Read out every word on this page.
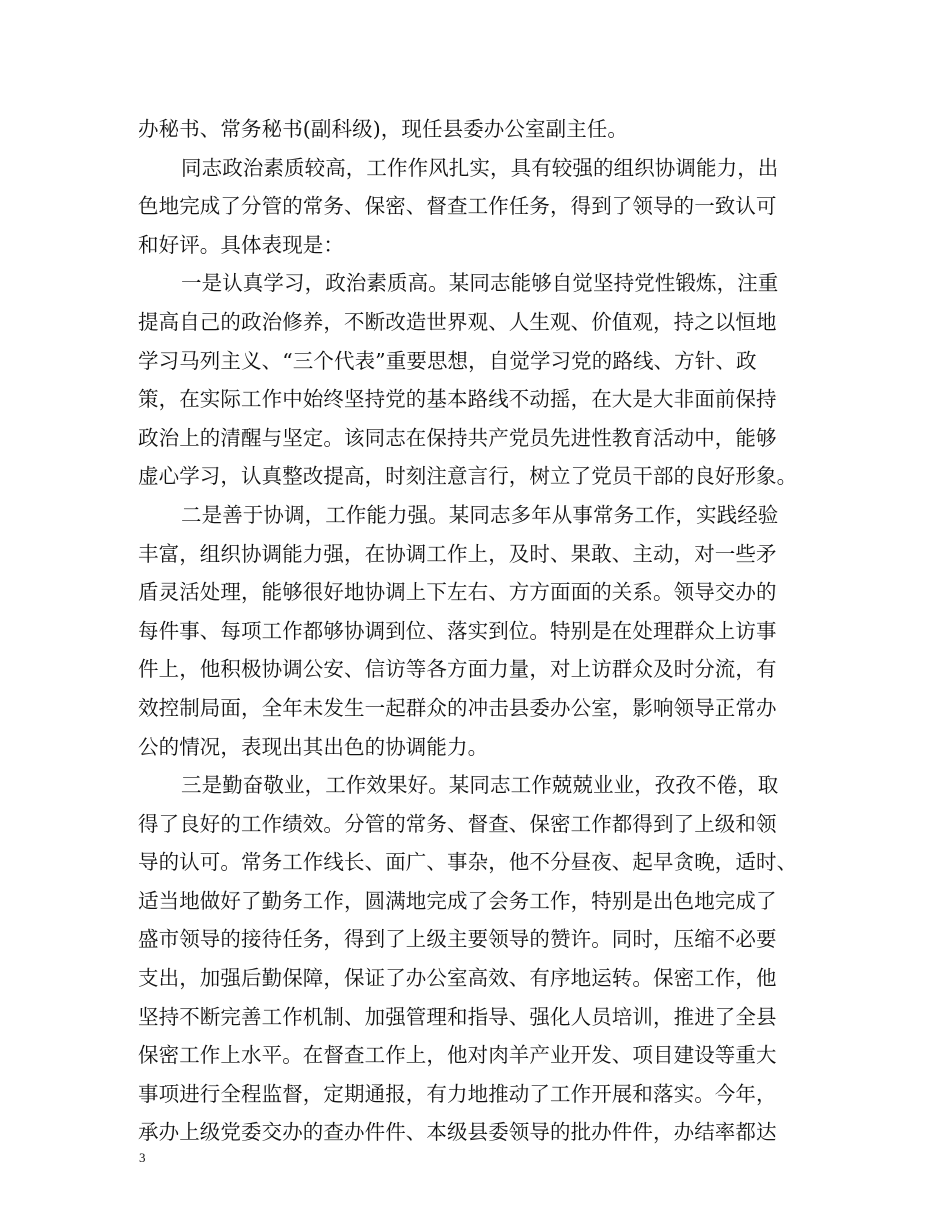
办秘书、常务秘书(副科级)，现任县委办公室副主任。
同志政治素质较高，工作作风扎实，具有较强的组织协调能力，出
色地完成了分管的常务、保密、督查工作任务，得到了领导的一致认可
和好评。具体表现是：
一是认真学习，政治素质高。某同志能够自觉坚持党性锻炼，注重
提高自己的政治修养，不断改造世界观、人生观、价值观，持之以恒地
学习马列主义、“三个代表”重要思想，自觉学习党的路线、方针、政
策，在实际工作中始终坚持党的基本路线不动摇，在大是大非面前保持
政治上的清醒与坚定。该同志在保持共产党员先进性教育活动中，能够
虚心学习，认真整改提高，时刻注意言行，树立了党员干部的良好形象。
二是善于协调，工作能力强。某同志多年从事常务工作，实践经验
丰富，组织协调能力强，在协调工作上，及时、果敢、主动，对一些矛
盾灵活处理，能够很好地协调上下左右、方方面面的关系。领导交办的
每件事、每项工作都够协调到位、落实到位。特别是在处理群众上访事
件上，他积极协调公安、信访等各方面力量，对上访群众及时分流，有
效控制局面，全年未发生一起群众的冲击县委办公室，影响领导正常办
公的情况，表现出其出色的协调能力。
三是勤奋敬业，工作效果好。某同志工作兢兢业业，孜孜不倦，取
得了良好的工作绩效。分管的常务、督查、保密工作都得到了上级和领
导的认可。常务工作线长、面广、事杂，他不分昼夜、起早贪晚，适时、
适当地做好了勤务工作，圆满地完成了会务工作，特别是出色地完成了
盛市领导的接待任务，得到了上级主要领导的赞许。同时，压缩不必要
支出，加强后勤保障，保证了办公室高效、有序地运转。保密工作，他
坚持不断完善工作机制、加强管理和指导、强化人员培训，推进了全县
保密工作上水平。在督查工作上，他对肉羊产业开发、项目建设等重大
事项进行全程监督，定期通报，有力地推动了工作开展和落实。今年，
承办上级党委交办的查办件件、本级县委领导的批办件件，办结率都达
3
